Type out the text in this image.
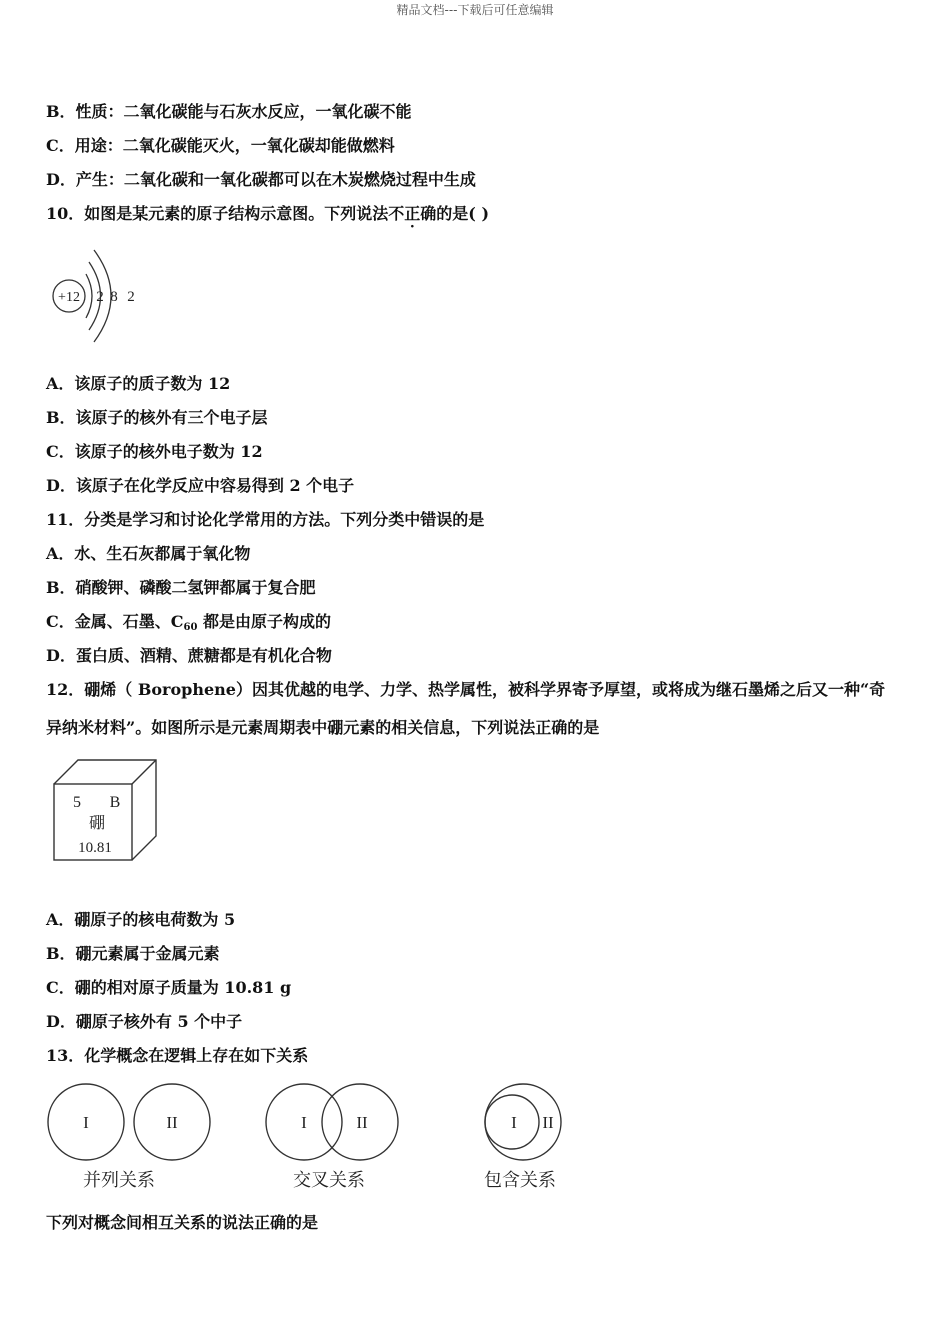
精品文档---下载后可任意编辑
B．性质：二氧化碳能与石灰水反应，一氧化碳不能
C．用途：二氧化碳能灭火，一氧化碳却能做燃料
D．产生：二氧化碳和一氧化碳都可以在木炭燃烧过程中生成
10．如图是某元素的原子结构示意图。下列说法不正确的是( )
+12 2 8 2
A．该原子的质子数为 12
B．该原子的核外有三个电子层
C．该原子的核外电子数为 12
D．该原子在化学反应中容易得到 2 个电子
11．分类是学习和讨论化学常用的方法。下列分类中错误的是
A．水、生石灰都属于氧化物
B．硝酸钾、磷酸二氢钾都属于复合肥
C．金属、石墨、$C_{60}$ 都是由原子构成的
D．蛋白质、酒精、蔗糖都是有机化合物
12．硼烯（ Borophene）因其优越的电学、力学、热学属性，被科学界寄予厚望，或将成为继石墨烯之后又一种“奇
异纳米材料”。如图所示是元素周期表中硼元素的相关信息，下列说法正确的是
5 B
硼
10.81
A．硼原子的核电荷数为 5
B．硼元素属于金属元素
C．硼的相对原子质量为 10.81 g
D．硼原子核外有 5 个中子
13．化学概念在逻辑上存在如下关系
I	II
并列关系
I	II
交叉关系
I II
包含关系
下列对概念间相互关系的说法正确的是
